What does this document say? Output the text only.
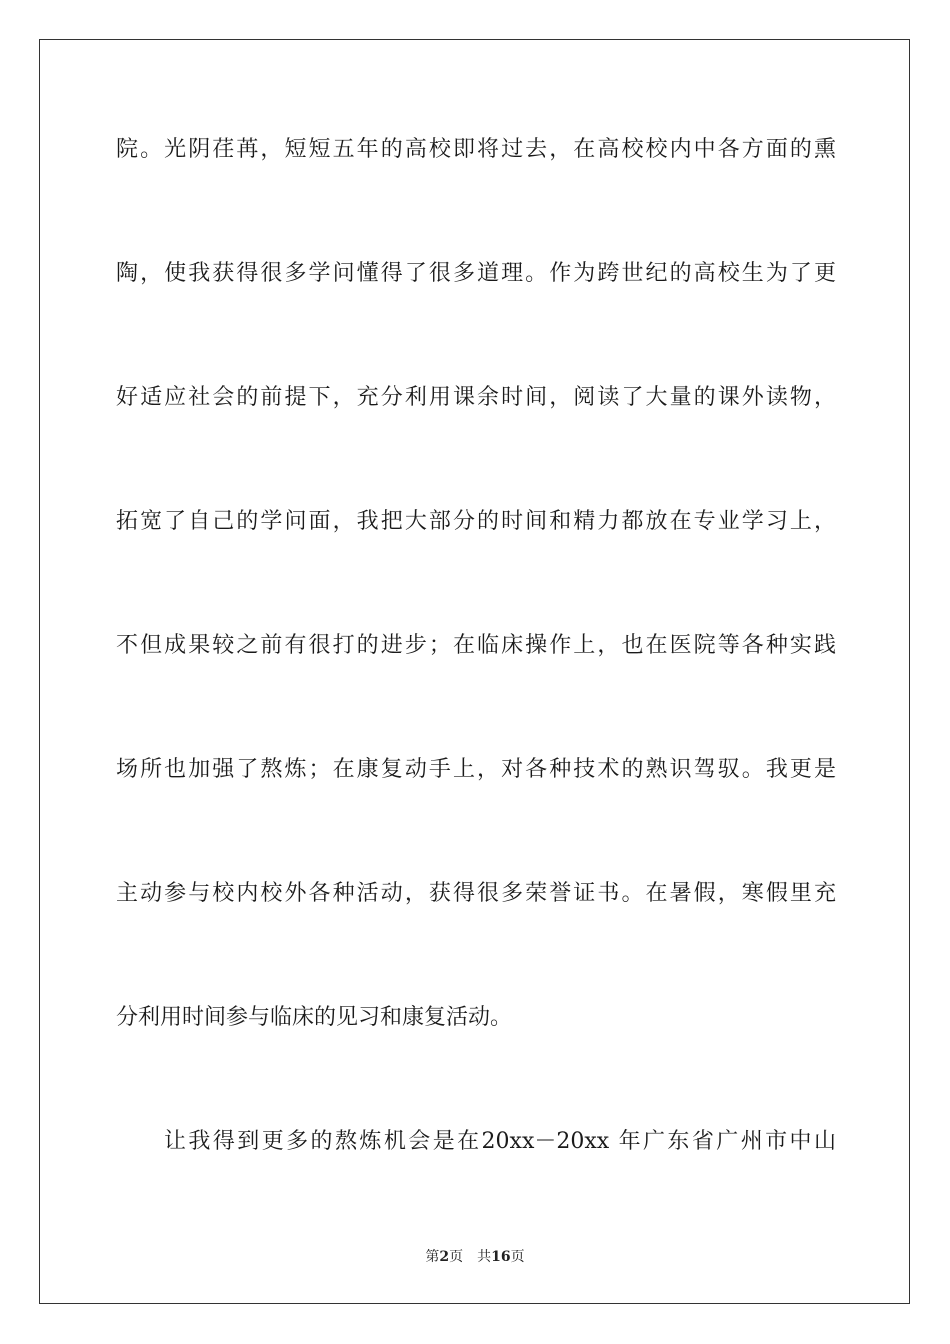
院。光阴荏苒，短短五年的高校即将过去，在高校校内中各方面的熏
陶，使我获得很多学问懂得了很多道理。作为跨世纪的高校生为了更
好适应社会的前提下，充分利用课余时间，阅读了大量的课外读物，
拓宽了自己的学问面，我把大部分的时间和精力都放在专业学习上，
不但成果较之前有很打的进步；在临床操作上，也在医院等各种实践
场所也加强了熬炼；在康复动手上，对各种技术的熟识驾驭。我更是
主动参与校内校外各种活动，获得很多荣誉证书。在暑假，寒假里充
分利用时间参与临床的见习和康复活动。
让我得到更多的熬炼机会是在20xx－20xx 年广东省广州市中山
第2页 共16页
